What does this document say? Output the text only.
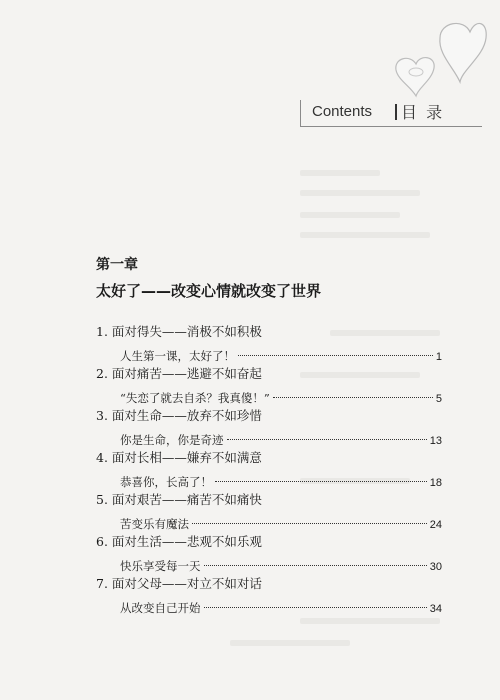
Contents 目 录
第一章
太好了——改变心情就改变了世界
1. 面对得失——消极不如积极
人生第一课，太好了！	1
2. 面对痛苦——逃避不如奋起
“失恋了就去自杀？我真傻！”	5
3. 面对生命——放弃不如珍惜
你是生命，你是奇迹	13
4. 面对长相——嫌弃不如满意
恭喜你，长高了！	18
5. 面对艰苦——痛苦不如痛快
苦变乐有魔法	24
6. 面对生活——悲观不如乐观
快乐享受每一天	30
7. 面对父母——对立不如对话
从改变自己开始	34
